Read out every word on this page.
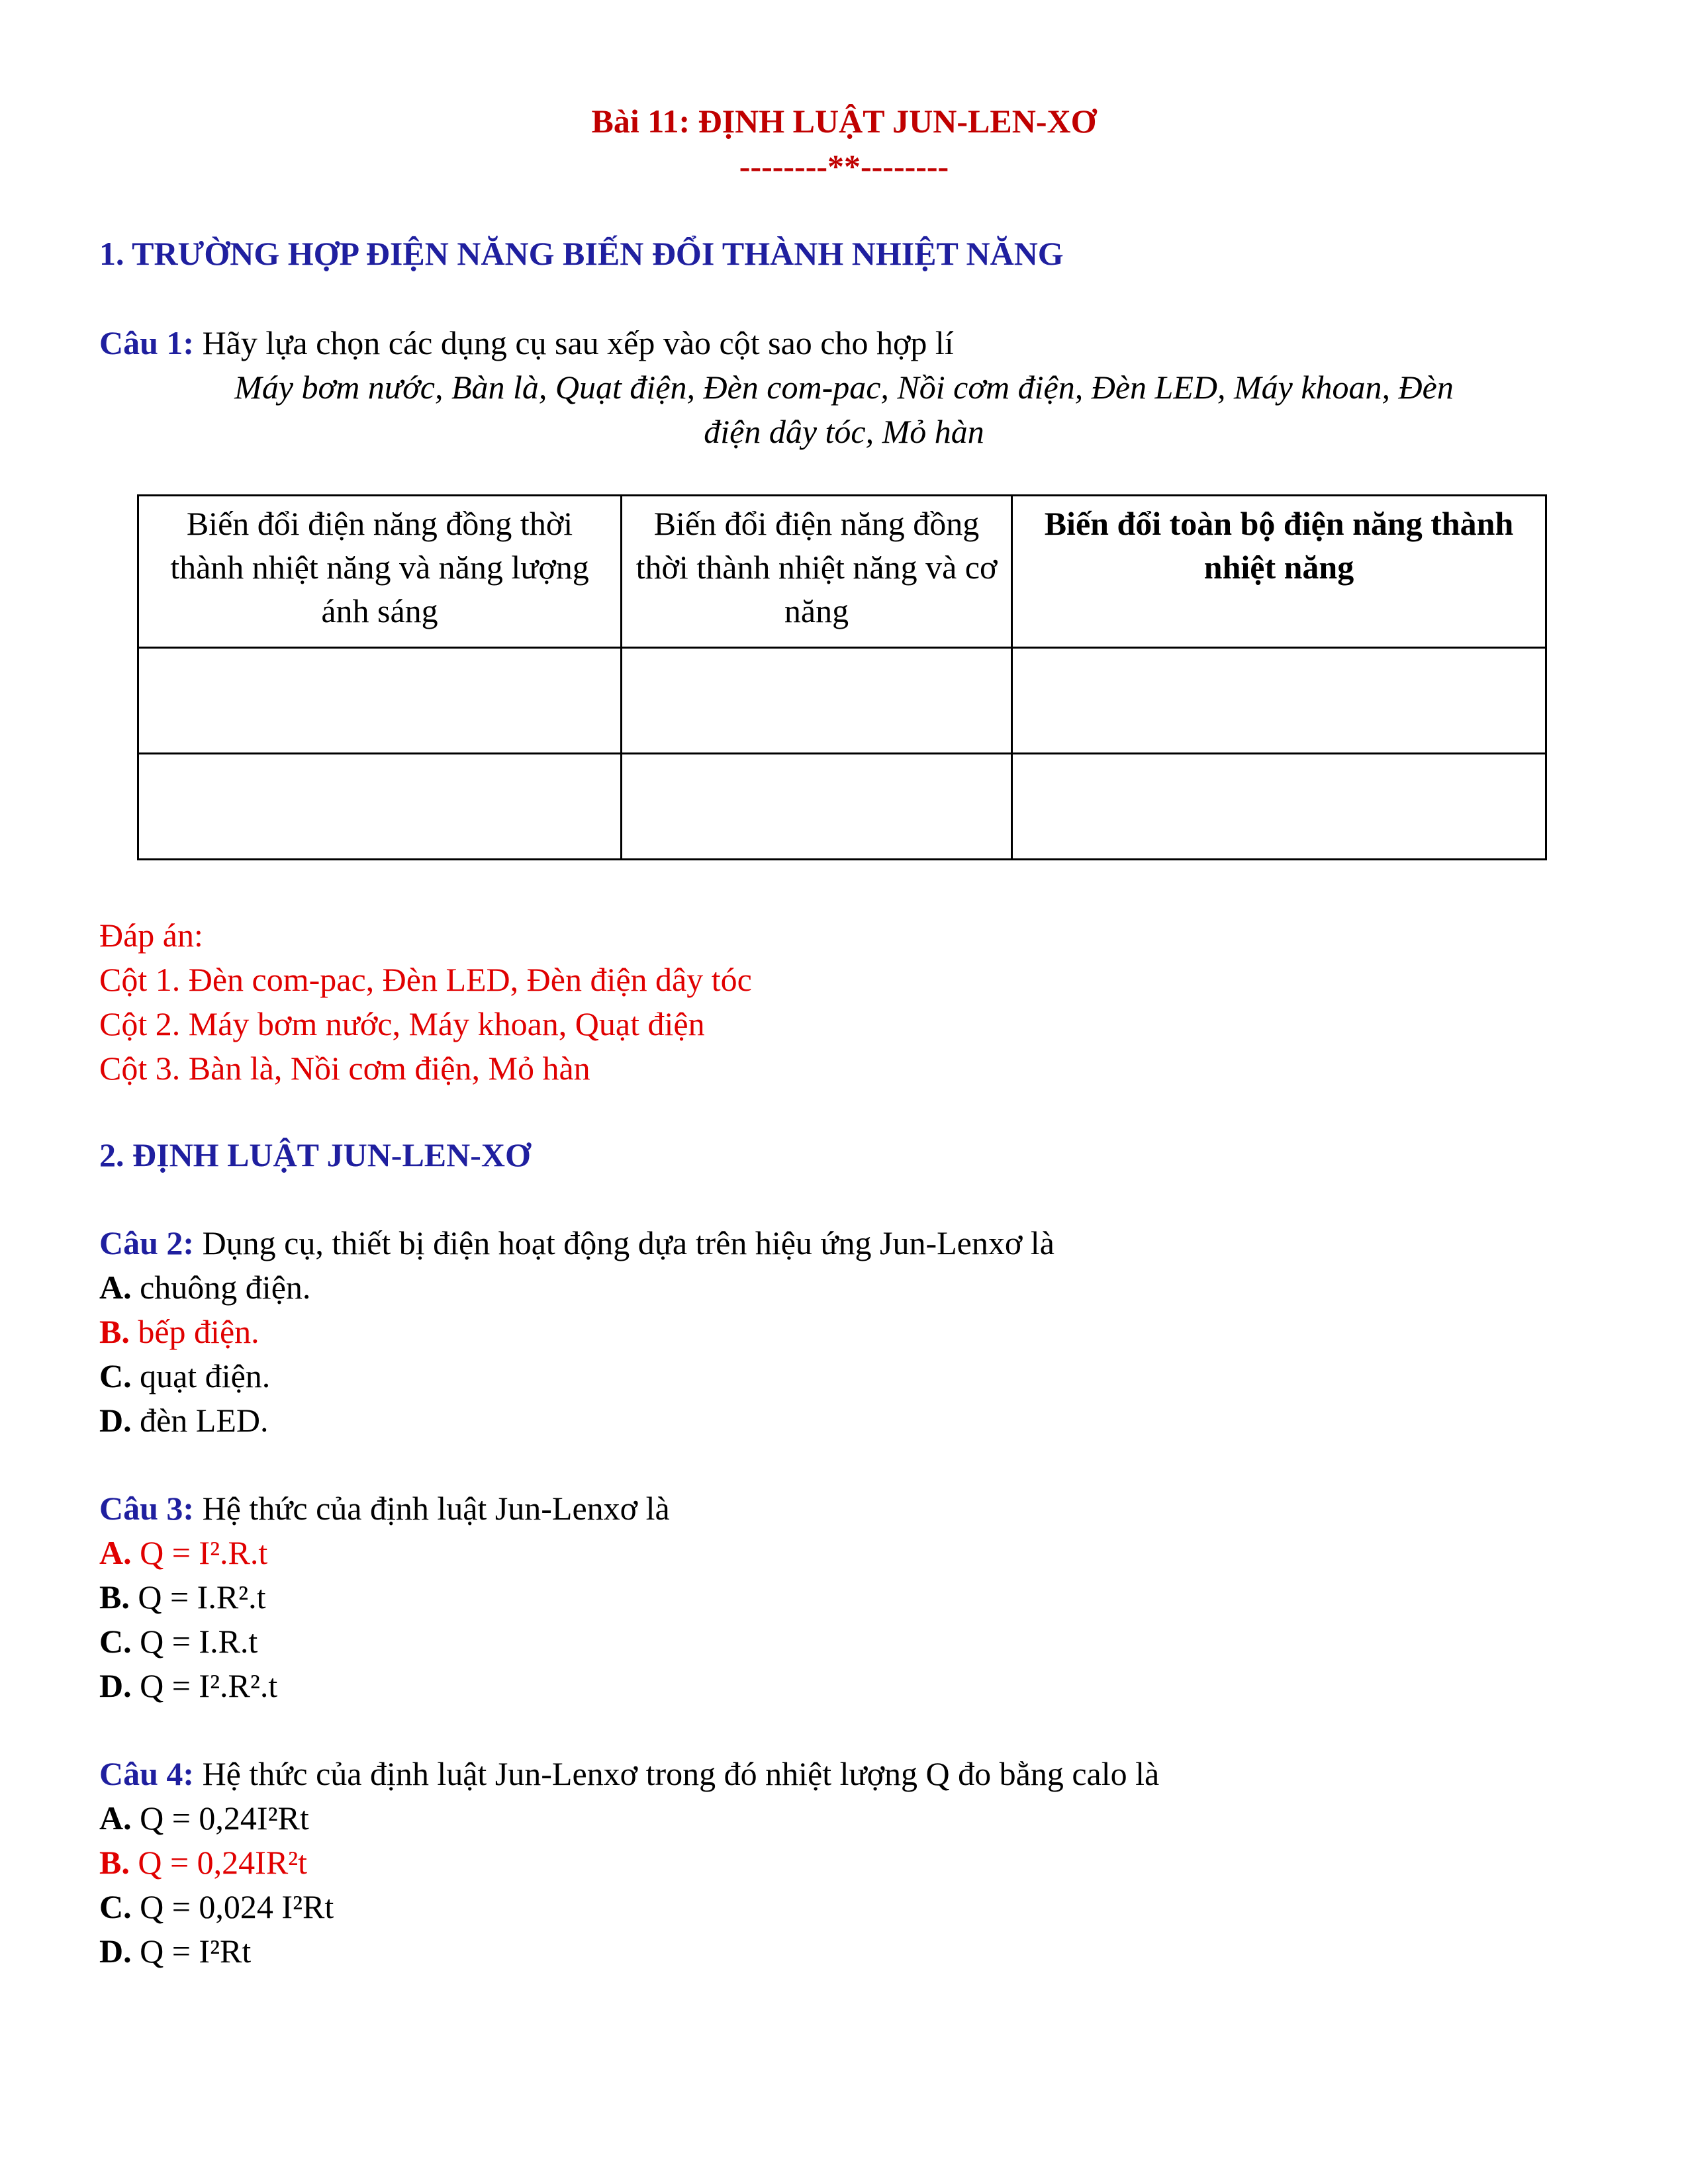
Bài 11: ĐỊNH LUẬT JUN-LEN-XƠ

--------**--------

1. TRƯỜNG HỢP ĐIỆN NĂNG BIẾN ĐỔI THÀNH NHIỆT NĂNG

Câu 1: Hãy lựa chọn các dụng cụ sau xếp vào cột sao cho hợp lí

Máy bơm nước, Bàn là, Quạt điện, Đèn com-pac, Nồi cơm điện, Đèn LED, Máy khoan, Đèn

điện dây tóc, Mỏ hàn

Biến đổi điện năng đồng thời thành nhiệt năng và năng lượng ánh sáng	Biến đổi điện năng đồng thời thành nhiệt năng và cơ năng	Biến đổi toàn bộ điện năng thành nhiệt năng

Đáp án:

Cột 1. Đèn com-pac, Đèn LED, Đèn điện dây tóc

Cột 2. Máy bơm nước, Máy khoan, Quạt điện

Cột 3. Bàn là, Nồi cơm điện, Mỏ hàn

2. ĐỊNH LUẬT JUN-LEN-XƠ

Câu 2: Dụng cụ, thiết bị điện hoạt động dựa trên hiệu ứng Jun-Lenxơ là

A. chuông điện.

B. bếp điện.

C. quạt điện.

D. đèn LED.

Câu 3: Hệ thức của định luật Jun-Lenxơ là

A. Q = I².R.t

B. Q = I.R².t

C. Q = I.R.t

D. Q = I².R².t

Câu 4: Hệ thức của định luật Jun-Lenxơ trong đó nhiệt lượng Q đo bằng calo là

A. Q = 0,24I²Rt

B. Q = 0,24IR²t

C. Q = 0,024 I²Rt

D. Q = I²Rt
